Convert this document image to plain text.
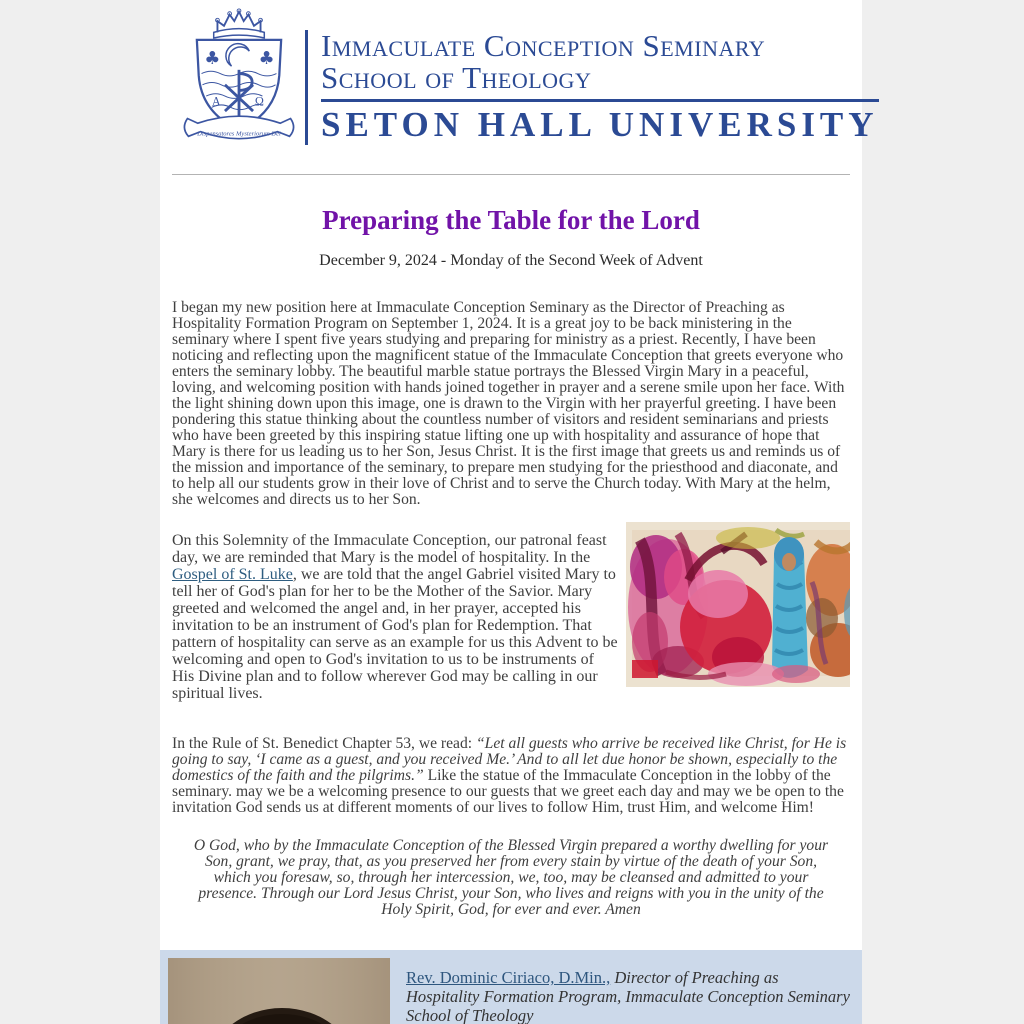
♣ ♣
Α	Ω
Dispensatores Mysteriorum Dei
Immaculate Conception Seminary
School of Theology
SETON HALL UNIVERSITY
Preparing the Table for the Lord
December 9, 2024 - Monday of the Second Week of Advent

I began my new position here at Immaculate Conception Seminary as the Director of Preaching as Hospitality Formation Program on September 1, 2024. It is a great joy to be back ministering in the seminary where I spent five years studying and preparing for ministry as a priest. Recently, I have been noticing and reflecting upon the magnificent statue of the Immaculate Conception that greets everyone who enters the seminary lobby. The beautiful marble statue portrays the Blessed Virgin Mary in a peaceful, loving, and welcoming position with hands joined together in prayer and a serene smile upon her face. With the light shining down upon this image, one is drawn to the Virgin with her prayerful greeting. I have been pondering this statue thinking about the countless number of visitors and resident seminarians and priests who have been greeted by this inspiring statue lifting one up with hospitality and assurance of hope that Mary is there for us leading us to her Son, Jesus Christ. It is the first image that greets us and reminds us of the mission and importance of the seminary, to prepare men studying for the priesthood and diaconate, and to help all our students grow in their love of Christ and to serve the Church today. With Mary at the helm, she welcomes and directs us to her Son.

On this Solemnity of the Immaculate Conception, our patronal feast day, we are reminded that Mary is the model of hospitality. In the Gospel of St. Luke, we are told that the angel Gabriel visited Mary to tell her of God's plan for her to be the Mother of the Savior. Mary greeted and welcomed the angel and, in her prayer, accepted his invitation to be an instrument of God's plan for Redemption. That pattern of hospitality can serve as an example for us this Advent to be welcoming and open to God's invitation to us to be instruments of His Divine plan and to follow wherever God may be calling in our spiritual lives.

In the Rule of St. Benedict Chapter 53, we read: “Let all guests who arrive be received like Christ, for He is going to say, ‘I came as a guest, and you received Me.’ And to all let due honor be shown, especially to the domestics of the faith and the pilgrims.” Like the statue of the Immaculate Conception in the lobby of the seminary. may we be a welcoming presence to our guests that we greet each day and may we be open to the invitation God sends us at different moments of our lives to follow Him, trust Him, and welcome Him!

O God, who by the Immaculate Conception of the Blessed Virgin prepared a worthy dwelling for your Son, grant, we pray, that, as you preserved her from every stain by virtue of the death of your Son, which you foresaw, so, through her intercession, we, too, may be cleansed and admitted to your presence. Through our Lord Jesus Christ, your Son, who lives and reigns with you in the unity of the Holy Spirit, God, for ever and ever. Amen

Rev. Dominic Ciriaco, D.Min., Director of Preaching as Hospitality Formation Program, Immaculate Conception Seminary School of Theology
